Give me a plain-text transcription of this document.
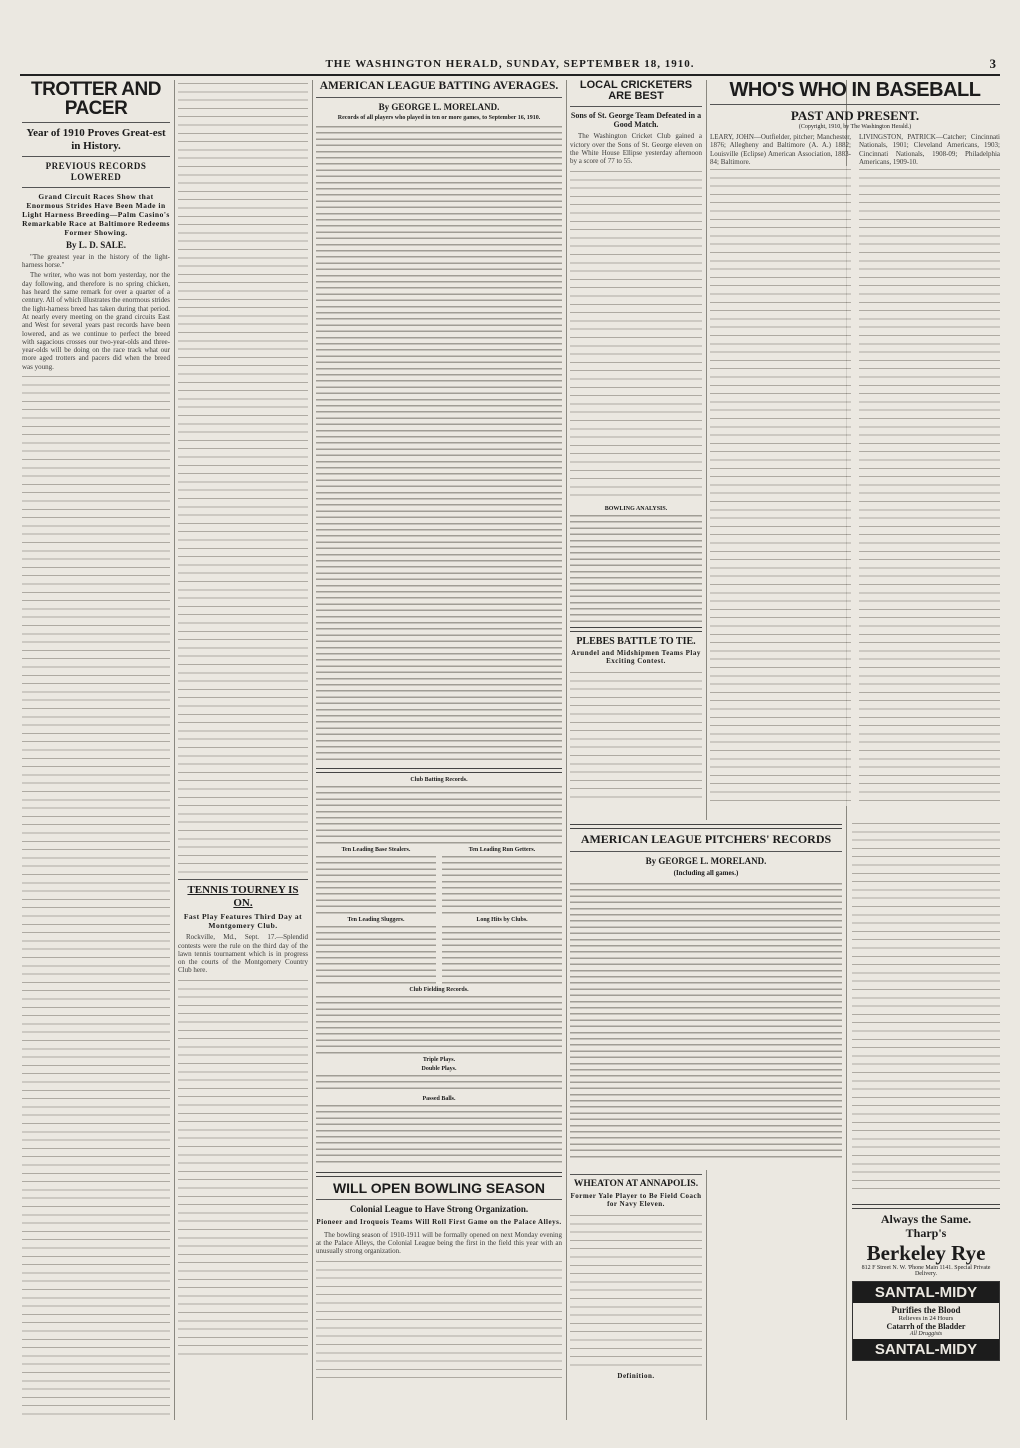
THE WASHINGTON HERALD, SUNDAY, SEPTEMBER 18, 1910.	3
TROTTER AND PACER
Year of 1910 Proves Great-est in History.
PREVIOUS RECORDS LOWERED
Grand Circuit Races Show that Enormous Strides Have Been Made in Light Harness Breeding—Palm Casino's Remarkable Race at Baltimore Redeems Former Showing.
By L. D. SALE.

"The greatest year in the history of the light-harness horse."

The writer, who was not born yesterday, nor the day following, and therefore is no spring chicken, has heard the same remark for over a quarter of a century. All of which illustrates the enormous strides the light-harness breed has taken during that period. At nearly every meeting on the grand circuits East and West for several years past records have been lowered, and as we continue to perfect the breed with sagacious crosses our two-year-olds and three-year-olds will be doing on the race track what our more aged trotters and pacers did when the breed was young.

TENNIS TOURNEY IS ON.
Fast Play Features Third Day at Montgomery Club.

Rockville, Md., Sept. 17.—Splendid contests were the rule on the third day of the lawn tennis tournament which is in progress on the courts of the Montgomery Country Club here.

AMERICAN LEAGUE BATTING AVERAGES.
By GEORGE L. MORELAND.
Records of all players who played in ten or more games, to September 16, 1910.
Club Batting Records.
Ten Leading Base Stealers.
Ten Leading Sluggers.
Ten Leading Run Getters.
Long Hits by Clubs.
Club Fielding Records.
Triple Plays.
Double Plays.
Passed Balls.
WILL OPEN BOWLING SEASON
Colonial League to Have Strong Organization.
Pioneer and Iroquois Teams Will Roll First Game on the Palace Alleys.

The bowling season of 1910-1911 will be formally opened on next Monday evening at the Palace Alleys, the Colonial League being the first in the field this year with an unusually strong organization.

LOCAL CRICKETERS ARE BEST
Sons of St. George Team Defeated in a Good Match.

The Washington Cricket Club gained a victory over the Sons of St. George eleven on the White House Ellipse yesterday afternoon by a score of 77 to 55.

BOWLING ANALYSIS.
PLEBES BATTLE TO TIE.
Arundel and Midshipmen Teams Play Exciting Contest.
WHEATON AT ANNAPOLIS.
Former Yale Player to Be Field Coach for Navy Eleven.
Definition.
AMERICAN LEAGUE PITCHERS' RECORDS
By GEORGE L. MORELAND.
(Including all games.)
WHO'S WHO IN BASEBALL
PAST AND PRESENT.
(Copyright, 1910, by The Washington Herald.)
LEARY, JOHN—Outfielder, pitcher; Manchester, 1876; Allegheny and Baltimore (A. A.) 1882; Louisville (Eclipse) American Association, 1883-84; Baltimore.
LIVINGSTON, PATRICK—Catcher; Cincinnati Nationals, 1901; Cleveland Americans, 1903; Cincinnati Nationals, 1908-09; Philadelphia Americans, 1909-10.
Always the Same.
Tharp's
Berkeley Rye
812 F Street N. W. 'Phone Main 1141. Special Private Delivery.
SANTAL-MIDY
Purifies the Blood
Relieves in 24 Hours
Catarrh of the Bladder
All Druggists
SANTAL-MIDY
